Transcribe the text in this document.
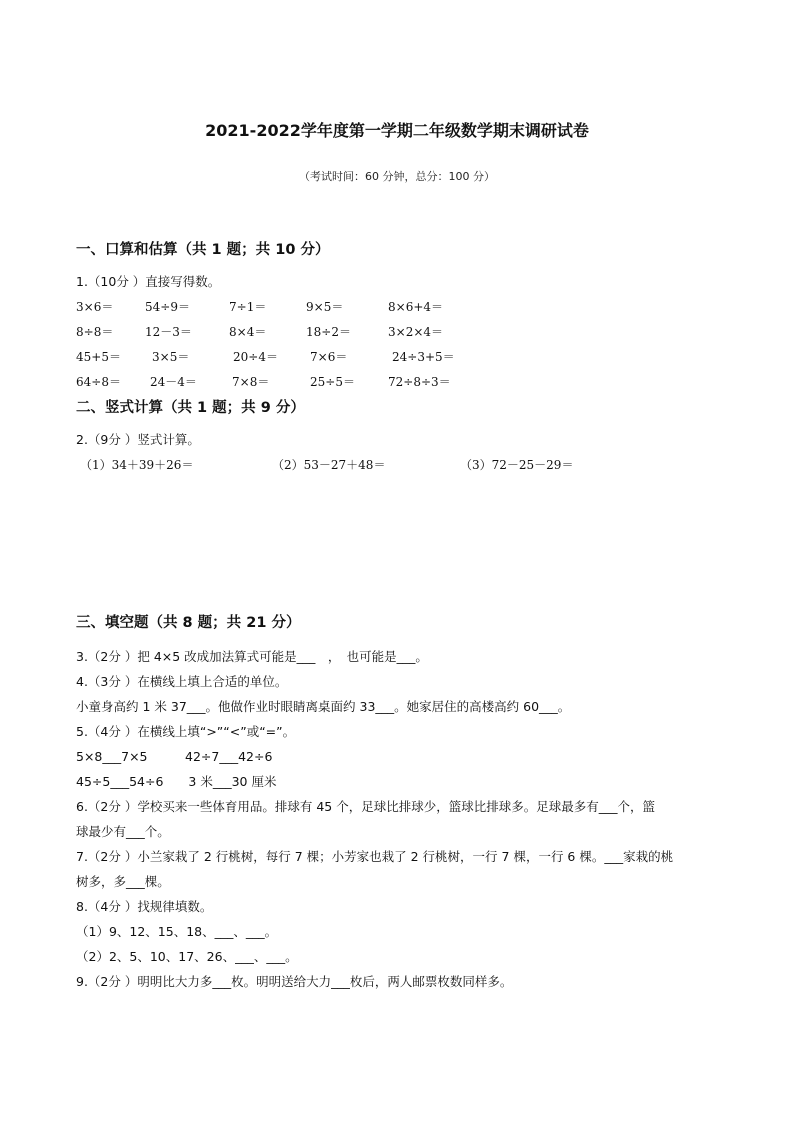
2021-2022学年度第一学期二年级数学期末调研试卷
（考试时间：60 分钟，总分：100 分）
一、口算和估算（共 1 题；共 10 分）
1.（10分 ）直接写得数。
3×6＝	54÷9＝	7÷1＝	9×5＝	8×6+4＝
8÷8＝	12－3＝	8×4＝	18÷2＝	3×2×4＝
45+5＝	3×5＝	20÷4＝	7×6＝	24÷3+5＝
64÷8＝ 24－4＝	7×8＝	25÷5＝	72÷8÷3＝
二、竖式计算（共 1 题；共 9 分）
2.（9分 ）竖式计算。
（1）34＋39＋26＝	（2）53－27＋48＝	（3）72－25－29＝
三、填空题（共 8 题；共 21 分）
3.（2分 ）把 4×5 改成加法算式可能是___　，　也可能是___。
4.（3分 ）在横线上填上合适的单位。
小童身高约 1 米 37___。他做作业时眼睛离桌面约 33___。她家居住的高楼高约 60___。
5.（4分 ）在横线上填“>”“<”或“=”。
5×8___7×5　　　42÷7___42÷6
45÷5___54÷6　　3 米___30 厘米
6.（2分 ）学校买来一些体育用品。排球有 45 个，足球比排球少，篮球比排球多。足球最多有___个，篮
球最少有___个。
7.（2分 ）小兰家栽了 2 行桃树，每行 7 棵；小芳家也栽了 2 行桃树，一行 7 棵，一行 6 棵。___家栽的桃
树多，多___棵。
8.（4分 ）找规律填数。
（1）9、12、15、18、___、___。
（2）2、5、10、17、26、___、___。
9.（2分 ）明明比大力多___枚。明明送给大力___枚后，两人邮票枚数同样多。
